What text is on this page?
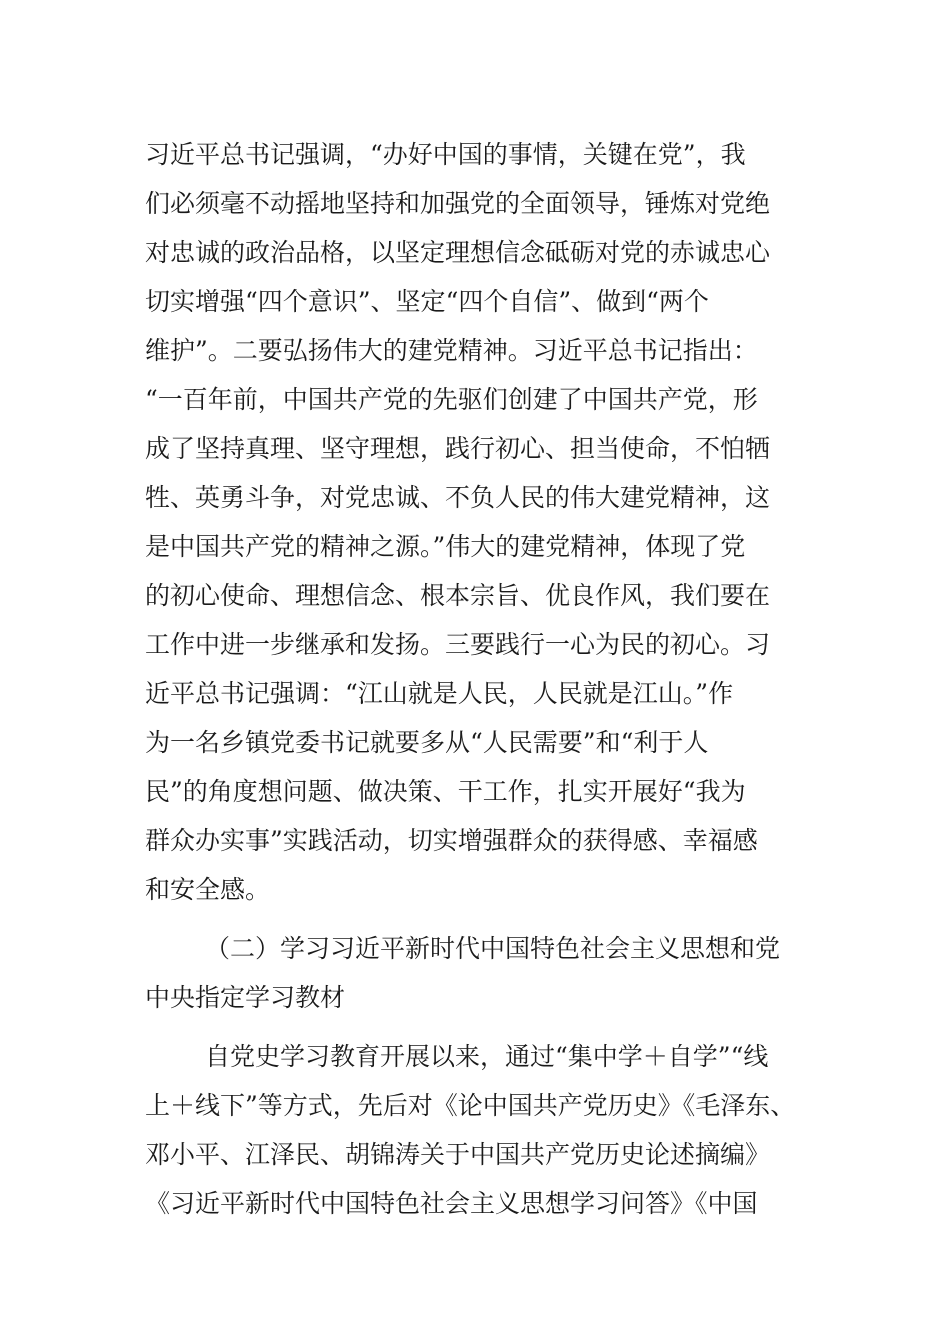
习近平总书记强调，“办好中国的事情，关键在党”，我
们必须毫不动摇地坚持和加强党的全面领导，锤炼对党绝
对忠诚的政治品格，以坚定理想信念砥砺对党的赤诚忠心
切实增强“四个意识”、坚定“四个自信”、做到“两个
维护”。二要弘扬伟大的建党精神。习近平总书记指出：
“一百年前，中国共产党的先驱们创建了中国共产党，形
成了坚持真理、坚守理想，践行初心、担当使命，不怕牺
牲、英勇斗争，对党忠诚、不负人民的伟大建党精神，这
是中国共产党的精神之源。”伟大的建党精神，体现了党
的初心使命、理想信念、根本宗旨、优良作风，我们要在
工作中进一步继承和发扬。三要践行一心为民的初心。习
近平总书记强调：“江山就是人民，人民就是江山。”作
为一名乡镇党委书记就要多从“人民需要”和“利于人
民”的角度想问题、做决策、干工作，扎实开展好“我为
群众办实事”实践活动，切实增强群众的获得感、幸福感
和安全感。
（二）学习习近平新时代中国特色社会主义思想和党
中央指定学习教材
自党史学习教育开展以来，通过“集中学＋自学”“线
上＋线下”等方式，先后对《论中国共产党历史》《毛泽东、
邓小平、江泽民、胡锦涛关于中国共产党历史论述摘编》
《习近平新时代中国特色社会主义思想学习问答》《中国
